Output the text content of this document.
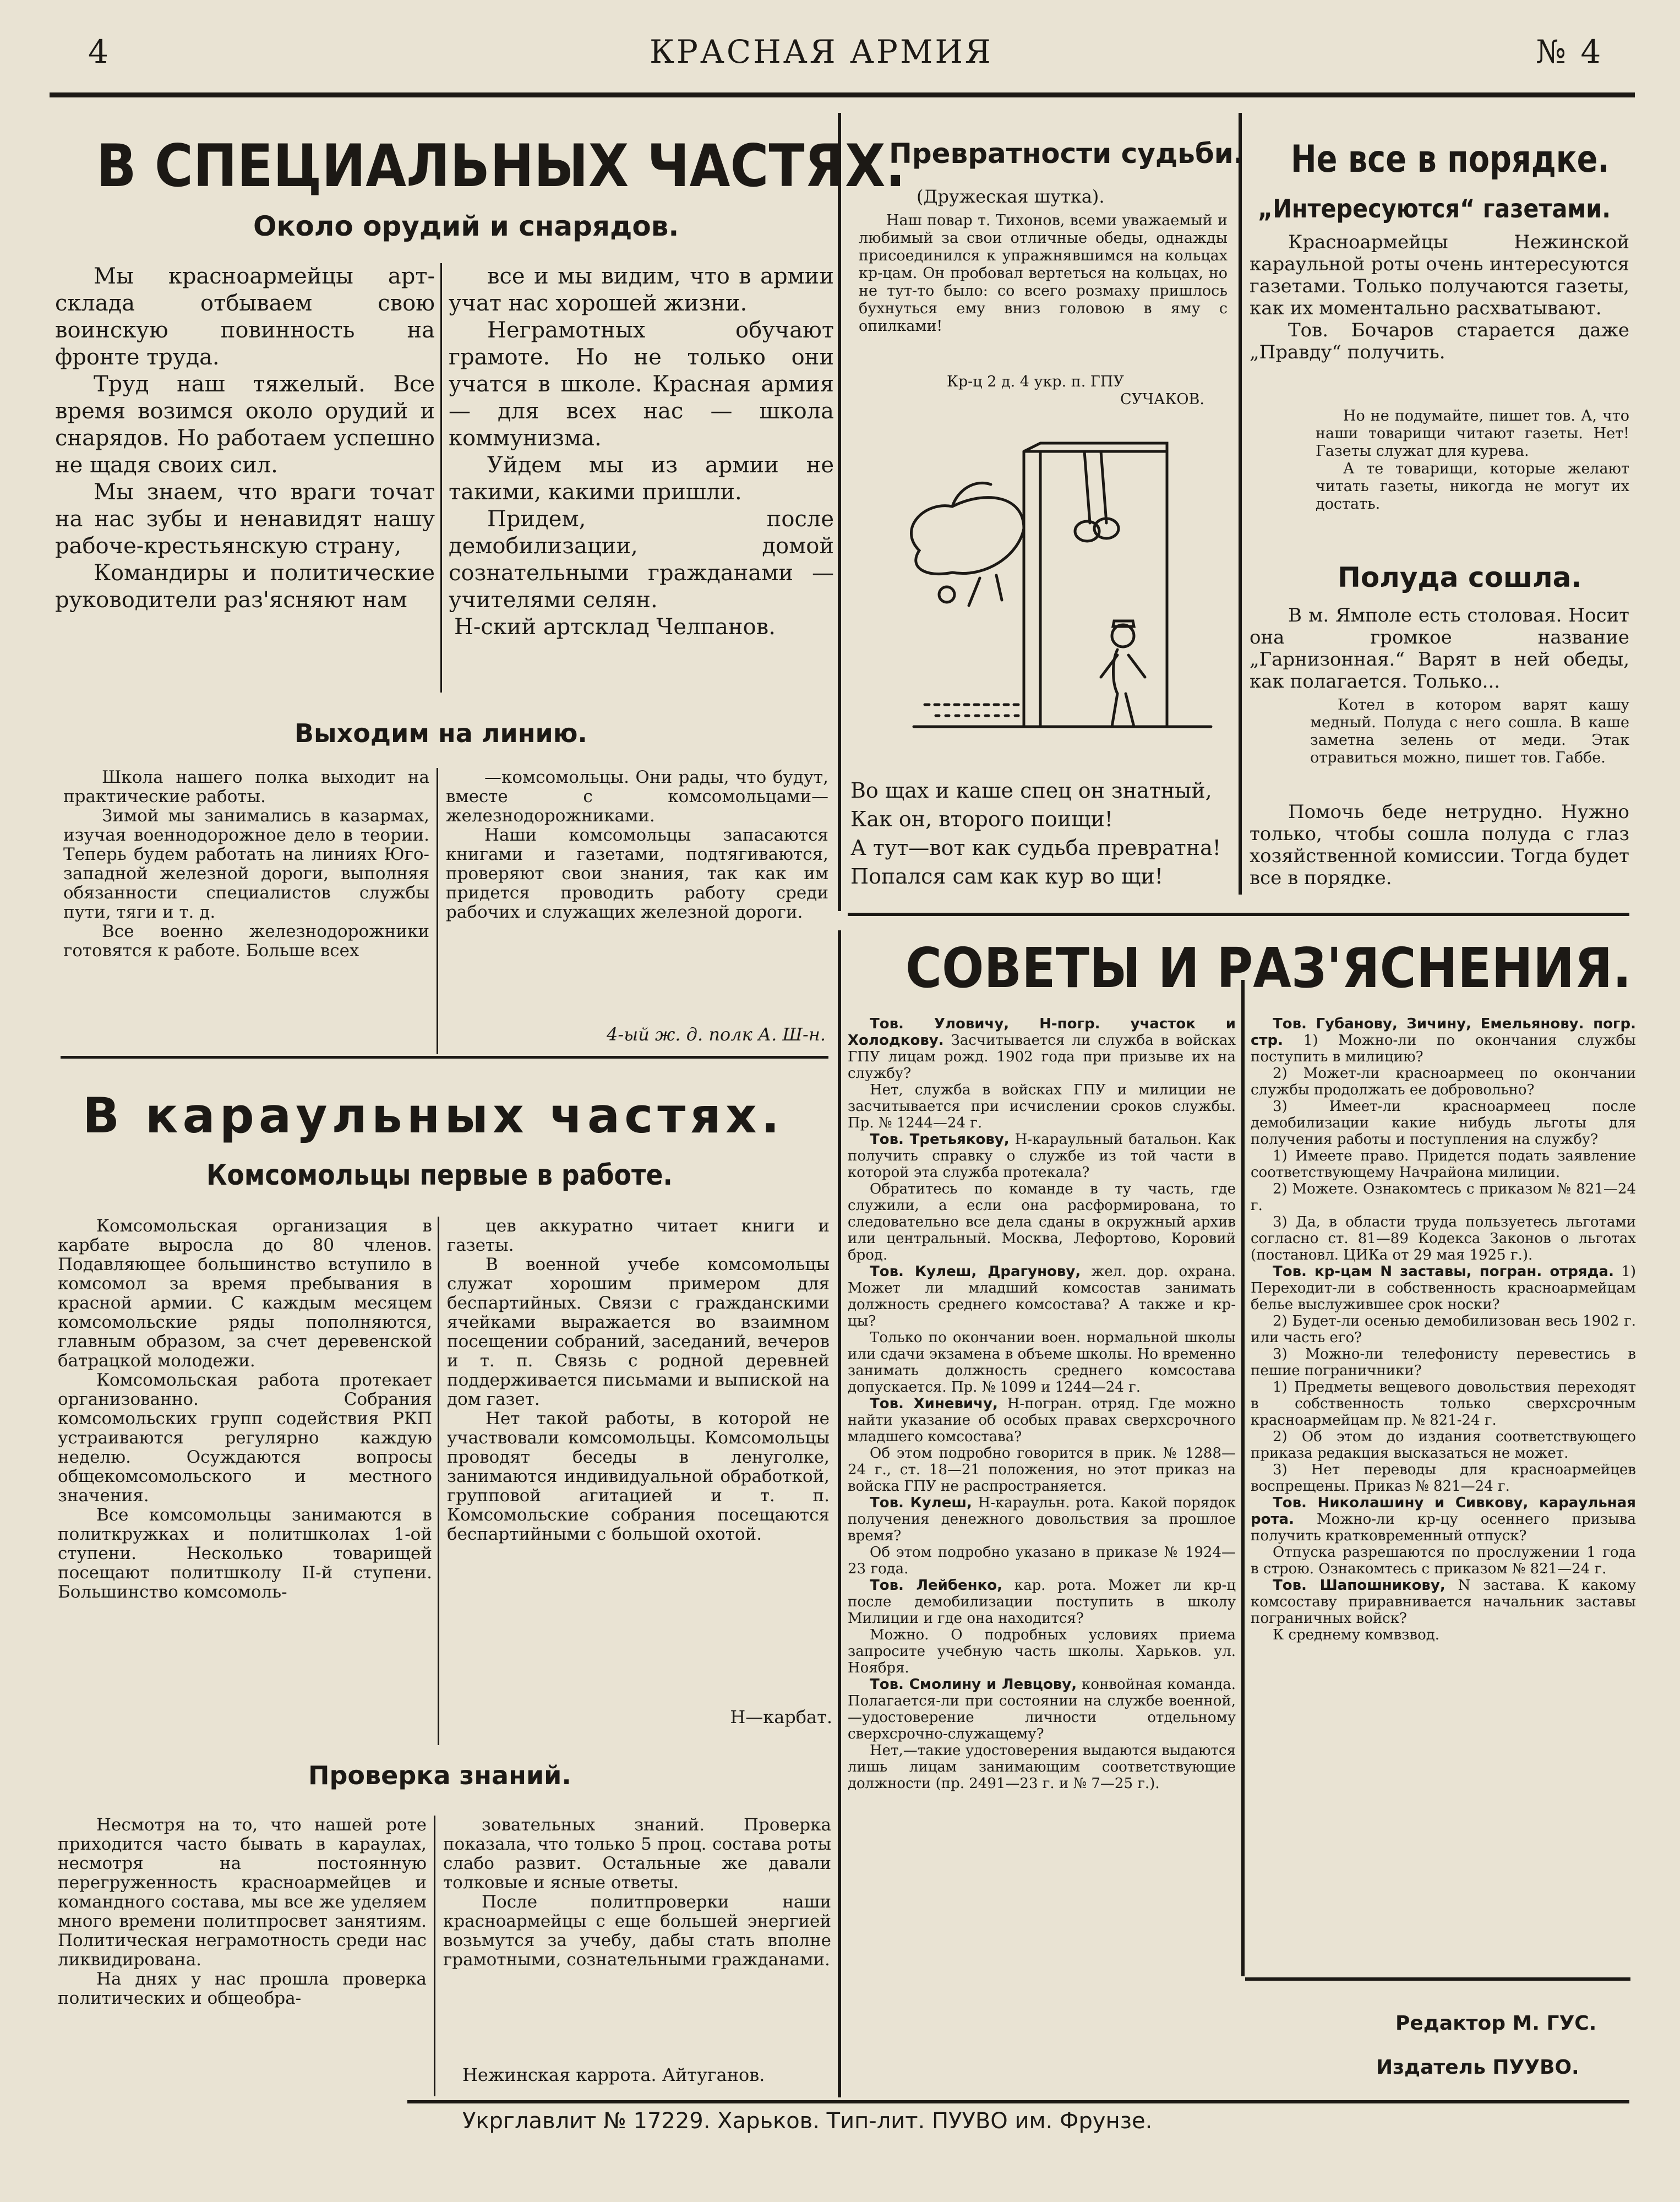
4	КРАСНАЯ АРМИЯ	№ 4
В СПЕЦИАЛЬНЫХ ЧАСТЯХ.
Около орудий и снарядов.

Мы красноармейцы арт-склада отбываем свою воинскую повинность на фронте труда.

Труд наш тяжелый. Все время возимся около орудий и снарядов. Но работаем успешно не щадя своих сил.

Мы знаем, что враги точат на нас зубы и ненавидят нашу рабоче-крестьянскую страну,

Командиры и политические руководители раз'ясняют нам

все и мы видим, что в армии учат нас хорошей жизни.

Неграмотных обучают грамоте. Но не только они учатся в школе. Красная армия — для всех нас — школа коммунизма.

Уйдем мы из армии не такими, какими пришли.

Придем, после демобилизации, домой сознательными гражданами — учителями селян.

Н-ский артсклад Челпанов.
Выходим на линию.

Школа нашего полка выходит на практические работы.

Зимой мы занимались в казармах, изучая военнодорожное дело в теории. Теперь будем работать на линиях Юго-западной железной дороги, выполняя обязанности специалистов службы пути, тяги и т. д.

Все военно железнодорожники готовятся к работе. Больше всех

—комсомольцы. Они рады, что будут, вместе с комсомольцами—железнодорожниками.

Наши комсомольцы запасаются книгами и газетами, подтягиваются, проверяют свои знания, так как им придется проводить работу среди рабочих и служащих железной дороги.

4-ый ж. д. полк А. Ш-н.
В караульных частях.
Комсомольцы первые в работе.

Комсомольская организация в карбате выросла до 80 членов. Подавляющее большинство вступило в комсомол за время пребывания в красной армии. С каждым месяцем комсомольские ряды пополняются, главным образом, за счет деревенской батрацкой молодежи.

Комсомольская работа протекает организованно. Собрания комсомольских групп содействия РКП устраиваются регулярно каждую неделю. Осуждаются вопросы общекомсомольского и местного значения.

Все комсомольцы занимаются в политкружках и политшколах 1-ой ступени. Несколько товарищей посещают политшколу II-й ступени. Большинство комсомоль-

цев аккуратно читает книги и газеты.

В военной учебе комсомольцы служат хорошим примером для беспартийных. Связи с гражданскими ячейками выражается во взаимном посещении собраний, заседаний, вечеров и т. п. Связь с родной деревней поддерживается письмами и выпиской на дом газет.

Нет такой работы, в которой не участвовали комсомольцы. Комсомольцы проводят беседы в ленуголке, занимаются индивидуальной обработкой, групповой агитацией и т. п. Комсомольские собрания посещаются беспартийными с большой охотой.

Н—карбат.
Проверка знаний.

Несмотря на то, что нашей роте приходится часто бывать в караулах, несмотря на постоянную перегруженность красноармейцев и командного состава, мы все же уделяем много времени политпросвет занятиям. Политическая неграмотность среди нас ликвидирована.

На днях у нас прошла проверка политических и общеобра-

зовательных знаний. Проверка показала, что только 5 проц. состава роты слабо развит. Остальные же давали толковые и ясные ответы.

После политпроверки наши красноармейцы с еще большей энергией возьмутся за учебу, дабы стать вполне грамотными, сознательными гражданами.

Нежинская каррота. Айтуганов.
Превратности судьби.
(Дружеская шутка).

Наш повар т. Тихонов, всеми уважаемый и любимый за свои отличные обеды, однажды присоединился к упражнявшимся на кольцах кр-цам. Он пробовал вертеться на кольцах, но не тут-то было: со всего розмаху пришлось бухнуться ему вниз головою в яму с опилками!

Кр-ц 2 д. 4 укр. п. ГПУ
СУЧАКОВ.
Во щах и каше спец он знатный,
Как он, второго поищи!
А тут—вот как судьба превратна!
Попался сам как кур во щи!
Не все в порядке.
„Интересуются“ газетами.

Красноармейцы Нежинской караульной роты очень интересуются газетами. Только получаются газеты, как их моментально расхватывают.

Тов. Бочаров старается даже „Правду“ получить.

Но не подумайте, пишет тов. А, что наши товарищи читают газеты. Нет! Газеты служат для курева.

А те товарищи, которые желают читать газеты, никогда не могут их достать.

Полуда сошла.

В м. Ямполе есть столовая. Носит она громкое название „Гарнизонная.“ Варят в ней обеды, как полагается. Только...

Котел в котором варят кашу медный. Полуда с него сошла. В каше заметна зелень от меди. Этак отравиться можно, пишет тов. Габбе.

Помочь беде нетрудно. Нужно только, чтобы сошла полуда с глаз хозяйственной комиссии. Тогда будет все в порядке.

СОВЕТЫ И РАЗ'ЯСНЕНИЯ.

Тов. Уловичу, Н-погр. участок и Холодкову. Засчитывается ли служба в войсках ГПУ лицам рожд. 1902 года при призыве их на службу?

Нет, служба в войсках ГПУ и милиции не засчитывается при исчислении сроков службы. Пр. № 1244—24 г.

Тов. Третьякову, Н-караульный батальон. Как получить справку о службе из той части в которой эта служба протекала?

Обратитесь по команде в ту часть, где служили, а если она расформирована, то следовательно все дела сданы в окружный архив или центральный. Москва, Лефортово, Коровий брод.

Тов. Кулеш, Драгунову, жел. дор. охрана. Может ли младший комсостав занимать должность среднего комсостава? А также и кр-цы?

Только по окончании воен. нормальной школы или сдачи экзамена в объеме школы. Но временно занимать должность среднего комсостава допускается. Пр. № 1099 и 1244—24 г.

Тов. Хиневичу, Н-погран. отряд. Где можно найти указание об особых правах сверхсрочного младшего комсостава?

Об этом подробно говорится в прик. № 1288—24 г., ст. 18—21 положения, но этот приказ на войска ГПУ не распространяется.

Тов. Кулеш, Н-караульн. рота. Какой порядок получения денежного довольствия за прошлое время?

Об этом подробно указано в приказе № 1924—23 года.

Тов. Лейбенко, кар. рота. Может ли кр-ц после демобилизации поступить в школу Милиции и где она находится?

Можно. О подробных условиях приема запросите учебную часть школы. Харьков. ул. Ноября.

Тов. Смолину и Левцову, конвойная команда. Полагается-ли при состоянии на службе военной,—удостоверение личности отдельному сверхсрочно-служащему?

Нет,—такие удостоверения выдаются выдаются лишь лицам занимающим соответствующие должности (пр. 2491—23 г. и № 7—25 г.).

Тов. Губанову, Зичину, Емельянову. погр. стр. 1) Можно-ли по окончания службы поступить в милицию?

2) Может-ли красноармеец по окончании службы продолжать ее добровольно?

3) Имеет-ли красноармеец после демобилизации какие нибудь льготы для получения работы и поступления на службу?

1) Имеете право. Придется подать заявление соответствующему Начрайона милиции.

2) Можете. Ознакомтесь с приказом № 821—24 г.

3) Да, в области труда пользуетесь льготами согласно ст. 81—89 Кодекса Законов о льготах (постановл. ЦИКа от 29 мая 1925 г.).

Тов. кр-цам N заставы, погран. отряда. 1) Переходит-ли в собственность красноармейцам белье выслужившее срок носки?

2) Будет-ли осенью демобилизован весь 1902 г. или часть его?

3) Можно-ли телефонисту перевестись в пешие пограничники?

1) Предметы вещевого довольствия переходят в собственность только сверхсрочным красноармейцам пр. № 821-24 г.

2) Об этом до издания соответствующего приказа редакция высказаться не может.

3) Нет переводы для красноармейцев воспрещены. Приказ № 821—24 г.

Тов. Николашину и Сивкову, караульная рота. Можно-ли кр-цу осеннего призыва получить кратковременный отпуск?

Отпуска разрешаются по прослужении 1 года в строю. Ознакомтесь с приказом № 821—24 г.

Тов. Шапошникову, N застава. К какому комсоставу приравнивается начальник заставы пограничных войск?

К среднему комвзвод.

Редактор М. ГУС.
Издатель ПУУВО.
Укрглавлит № 17229. Харьков. Тип-лит. ПУУВО им. Фрунзе.
